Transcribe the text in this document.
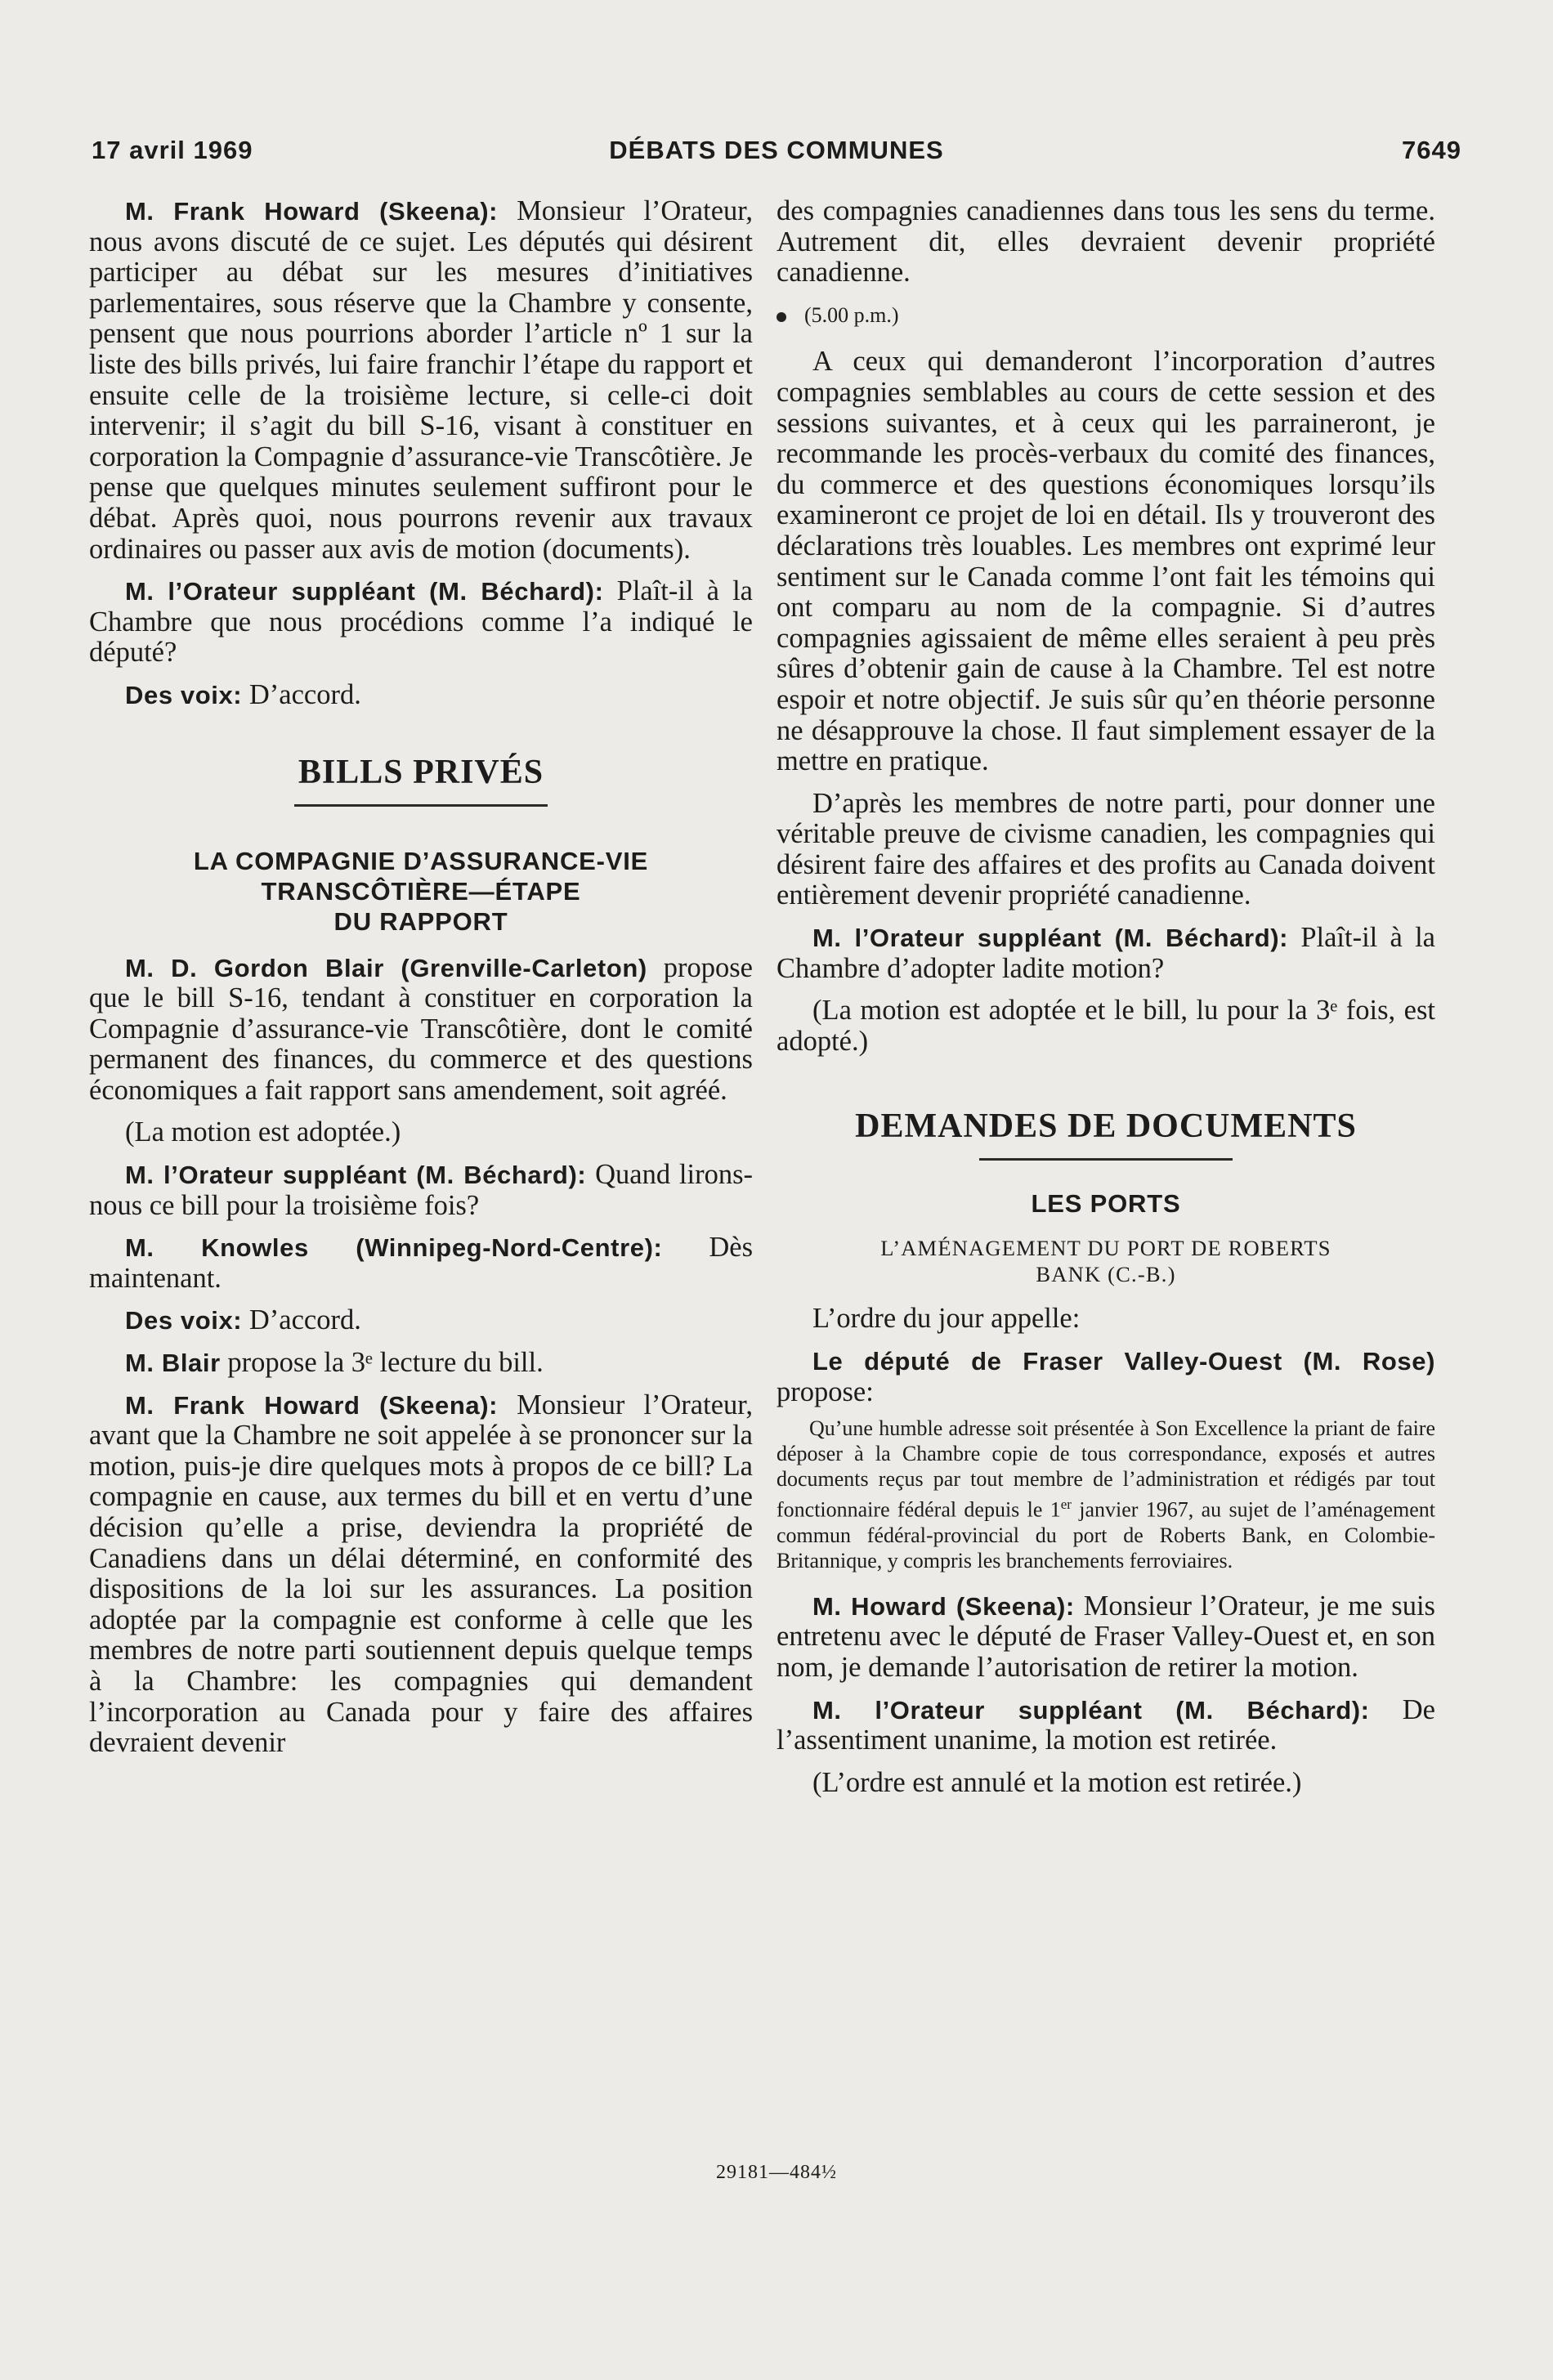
17 avril 1969	DÉBATS DES COMMUNES	7649

M. Frank Howard (Skeena): Monsieur l’Orateur, nous avons discuté de ce sujet. Les députés qui désirent participer au débat sur les mesures d’initiatives parlementaires, sous réserve que la Chambre y consente, pensent que nous pourrions aborder l’article nº 1 sur la liste des bills privés, lui faire franchir l’étape du rapport et ensuite celle de la troisième lecture, si celle-ci doit intervenir; il s’agit du bill S-16, visant à constituer en corporation la Compagnie d’assurance-vie Transcôtière. Je pense que quelques minutes seulement suffiront pour le débat. Après quoi, nous pourrons revenir aux travaux ordinaires ou passer aux avis de motion (documents).

M. l’Orateur suppléant (M. Béchard): Plaît-il à la Chambre que nous procédions comme l’a indiqué le député?

Des voix: D’accord.

BILLS PRIVÉS
LA COMPAGNIE D’ASSURANCE-VIE
TRANSCÔTIÈRE—ÉTAPE
DU RAPPORT

M. D. Gordon Blair (Grenville-Carleton) propose que le bill S-16, tendant à constituer en corporation la Compagnie d’assurance-vie Transcôtière, dont le comité permanent des finances, du commerce et des questions économiques a fait rapport sans amendement, soit agréé.

(La motion est adoptée.)

M. l’Orateur suppléant (M. Béchard): Quand lirons-nous ce bill pour la troisième fois?

M. Knowles (Winnipeg-Nord-Centre): Dès maintenant.

Des voix: D’accord.

M. Blair propose la 3ᵉ lecture du bill.

M. Frank Howard (Skeena): Monsieur l’Orateur, avant que la Chambre ne soit appelée à se prononcer sur la motion, puis-je dire quelques mots à propos de ce bill? La compagnie en cause, aux termes du bill et en vertu d’une décision qu’elle a prise, deviendra la propriété de Canadiens dans un délai déterminé, en conformité des dispositions de la loi sur les assurances. La position adoptée par la compagnie est conforme à celle que les membres de notre parti soutiennent depuis quelque temps à la Chambre: les compagnies qui demandent l’incorporation au Canada pour y faire des affaires devraient devenir

des compagnies canadiennes dans tous les sens du terme. Autrement dit, elles devraient devenir propriété canadienne.

(5.00 p.m.)

A ceux qui demanderont l’incorporation d’autres compagnies semblables au cours de cette session et des sessions suivantes, et à ceux qui les parraineront, je recommande les procès-verbaux du comité des finances, du commerce et des questions économiques lorsqu’ils examineront ce projet de loi en détail. Ils y trouveront des déclarations très louables. Les membres ont exprimé leur sentiment sur le Canada comme l’ont fait les témoins qui ont comparu au nom de la compagnie. Si d’autres compagnies agissaient de même elles seraient à peu près sûres d’obtenir gain de cause à la Chambre. Tel est notre espoir et notre objectif. Je suis sûr qu’en théorie personne ne désapprouve la chose. Il faut simplement essayer de la mettre en pratique.

D’après les membres de notre parti, pour donner une véritable preuve de civisme canadien, les compagnies qui désirent faire des affaires et des profits au Canada doivent entièrement devenir propriété canadienne.

M. l’Orateur suppléant (M. Béchard): Plaît-il à la Chambre d’adopter ladite motion?

(La motion est adoptée et le bill, lu pour la 3ᵉ fois, est adopté.)

DEMANDES DE DOCUMENTS
LES PORTS
L’AMÉNAGEMENT DU PORT DE ROBERTS
BANK (C.-B.)

L’ordre du jour appelle:

Le député de Fraser Valley-Ouest (M. Rose) propose:

Qu’une humble adresse soit présentée à Son Excellence la priant de faire déposer à la Chambre copie de tous correspondance, exposés et autres documents reçus par tout membre de l’administration et rédigés par tout fonctionnaire fédéral depuis le 1er janvier 1967, au sujet de l’aménagement commun fédéral-provincial du port de Roberts Bank, en Colombie-Britannique, y compris les branchements ferroviaires.

M. Howard (Skeena): Monsieur l’Orateur, je me suis entretenu avec le député de Fraser Valley-Ouest et, en son nom, je demande l’autorisation de retirer la motion.

M. l’Orateur suppléant (M. Béchard): De l’assentiment unanime, la motion est retirée.

(L’ordre est annulé et la motion est retirée.)

29181—484½
